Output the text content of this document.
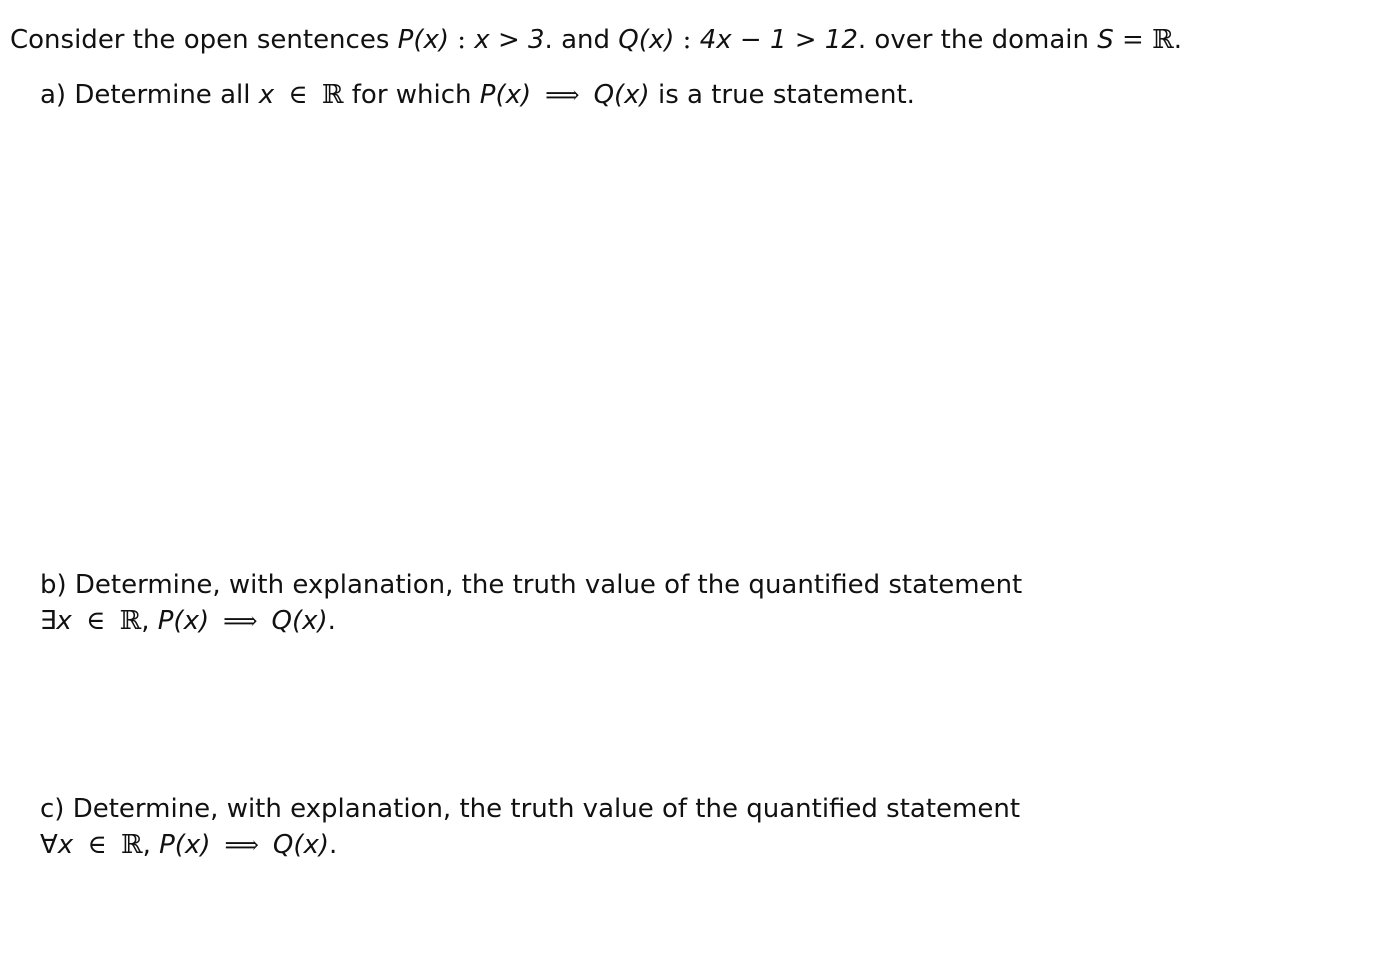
Consider the open sentences P(x) : x > 3. and Q(x) : 4x − 1 > 12. over the domain S = ℝ.
a) Determine all x ∈ ℝ for which P(x) ⟹ Q(x) is a true statement.
b) Determine, with explanation, the truth value of the quantified statement
∃x ∈ ℝ, P(x) ⟹ Q(x).
c) Determine, with explanation, the truth value of the quantified statement
∀x ∈ ℝ, P(x) ⟹ Q(x).
